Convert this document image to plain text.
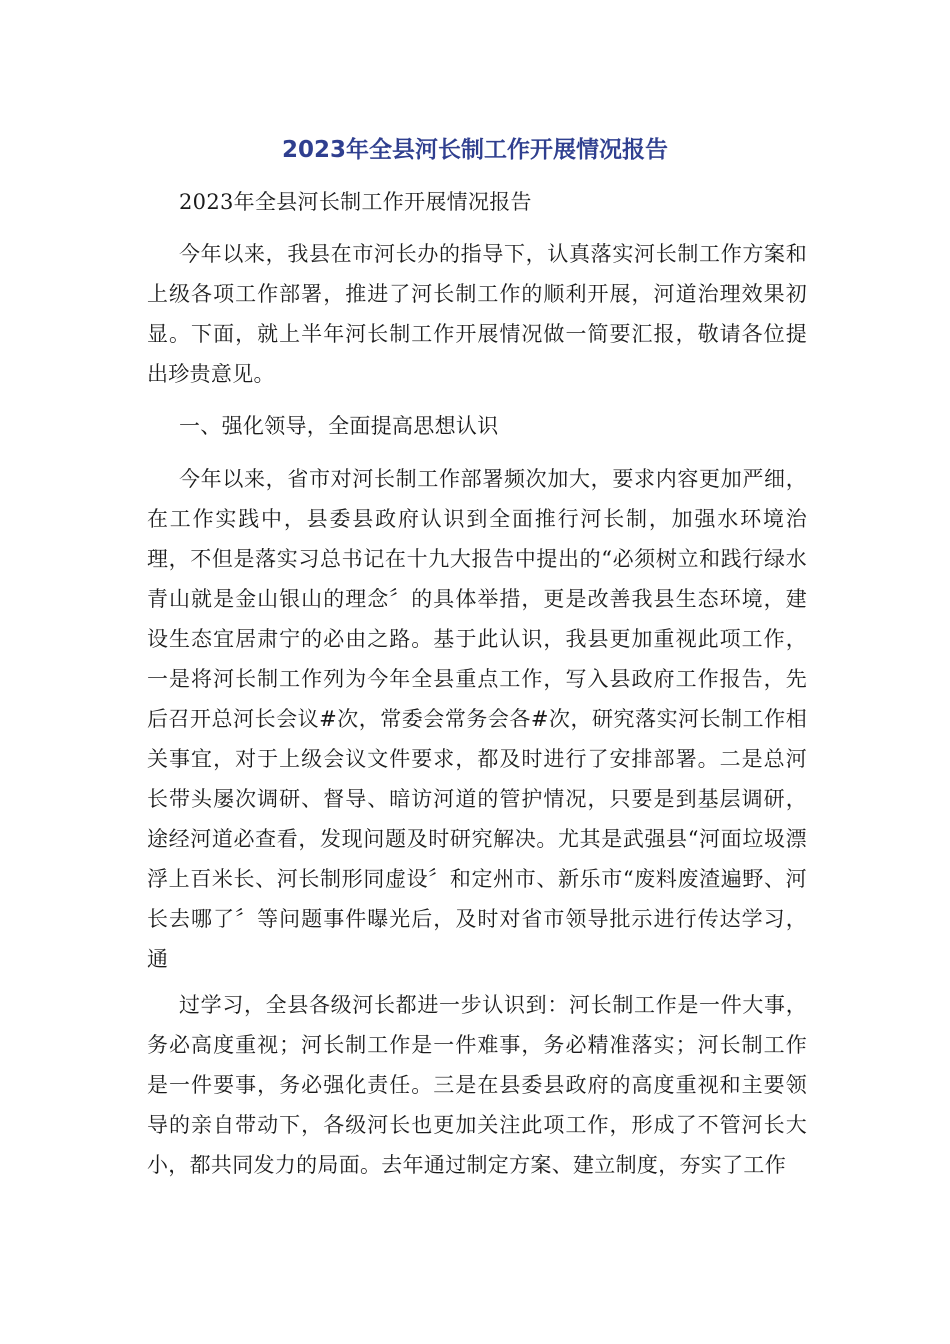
2023年全县河长制工作开展情况报告

2023年全县河长制工作开展情况报告

今年以来，我县在市河长办的指导下，认真落实河长制工作方案和上级各项工作部署，推进了河长制工作的顺利开展，河道治理效果初显。下面，就上半年河长制工作开展情况做一简要汇报，敬请各位提出珍贵意见。

一、强化领导，全面提高思想认识

今年以来，省市对河长制工作部署频次加大，要求内容更加严细，在工作实践中，县委县政府认识到全面推行河长制，加强水环境治理，不但是落实习总书记在十九大报告中提出的“必须树立和践行绿水青山就是金山银山的理念〞的具体举措，更是改善我县生态环境，建设生态宜居肃宁的必由之路。基于此认识，我县更加重视此项工作，一是将河长制工作列为今年全县重点工作，写入县政府工作报告，先后召开总河长会议#次，常委会常务会各#次，研究落实河长制工作相关事宜，对于上级会议文件要求，都及时进行了安排部署。二是总河长带头屡次调研、督导、暗访河道的管护情况，只要是到基层调研，途经河道必查看，发现问题及时研究解决。尤其是武强县“河面垃圾漂浮上百米长、河长制形同虚设〞和定州市、新乐市“废料废渣遍野、河长去哪了〞等问题事件曝光后，及时对省市领导批示进行传达学习，通

过学习，全县各级河长都进一步认识到：河长制工作是一件大事，务必高度重视；河长制工作是一件难事，务必精准落实；河长制工作是一件要事，务必强化责任。三是在县委县政府的高度重视和主要领导的亲自带动下，各级河长也更加关注此项工作，形成了不管河长大小，都共同发力的局面。去年通过制定方案、建立制度，夯实了工作
